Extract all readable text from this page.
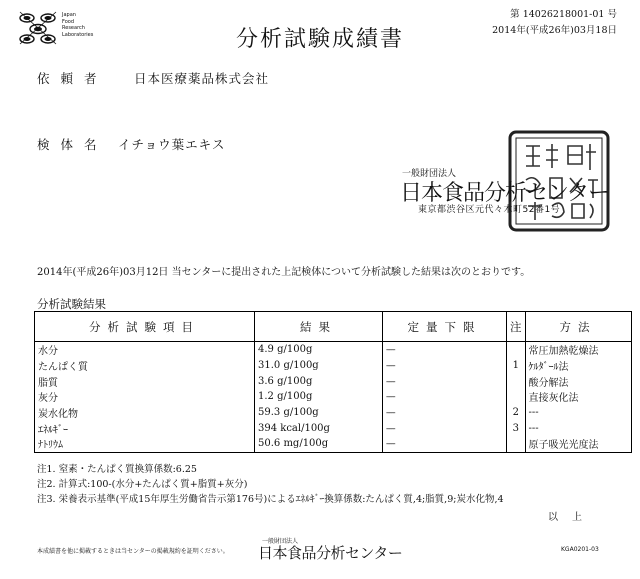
Japan
Food
Research
Laboratories	分析試験成績書
第 14026218001-01 号
2014年(平成26年)03月18日
依頼者 日本医療薬品株式会社
検体名 イチョウ葉エキス
一般財団法人
日本食品分析センター
東京都渋谷区元代々木町52番1号
2014年(平成26年)03月12日 当センターに提出された上記検体について分析試験した結果は次のとおりです。
分析試験結果
分析試験項目	結果	定量下限	注	方法
水分	4.9 g/100g	-----		常圧加熱乾燥法
たんぱく質	31.0 g/100g	-----	1	ｹﾙﾀﾞｰﾙ法
脂質	3.6 g/100g	-----		酸分解法
灰分	1.2 g/100g	-----		直接灰化法
炭水化物	59.3 g/100g	-----	2	---
ｴﾈﾙｷﾞｰ	394 kcal/100g	-----	3	---
ﾅﾄﾘｳﾑ	50.6 mg/100g	-----		原子吸光光度法
注1. 窒素・たんぱく質換算係数:6.25
注2. 計算式:100-(水分+たんぱく質+脂質+灰分)
注3. 栄養表示基準(平成15年厚生労働省告示第176号)によるｴﾈﾙｷﾞｰ換算係数:たんぱく質,4;脂質,9;炭水化物,4
以上
本成績書を他に掲載するときは当センターの掲載規約を証明ください。
一般財団法人
日本食品分析センター	KGA0201-03
